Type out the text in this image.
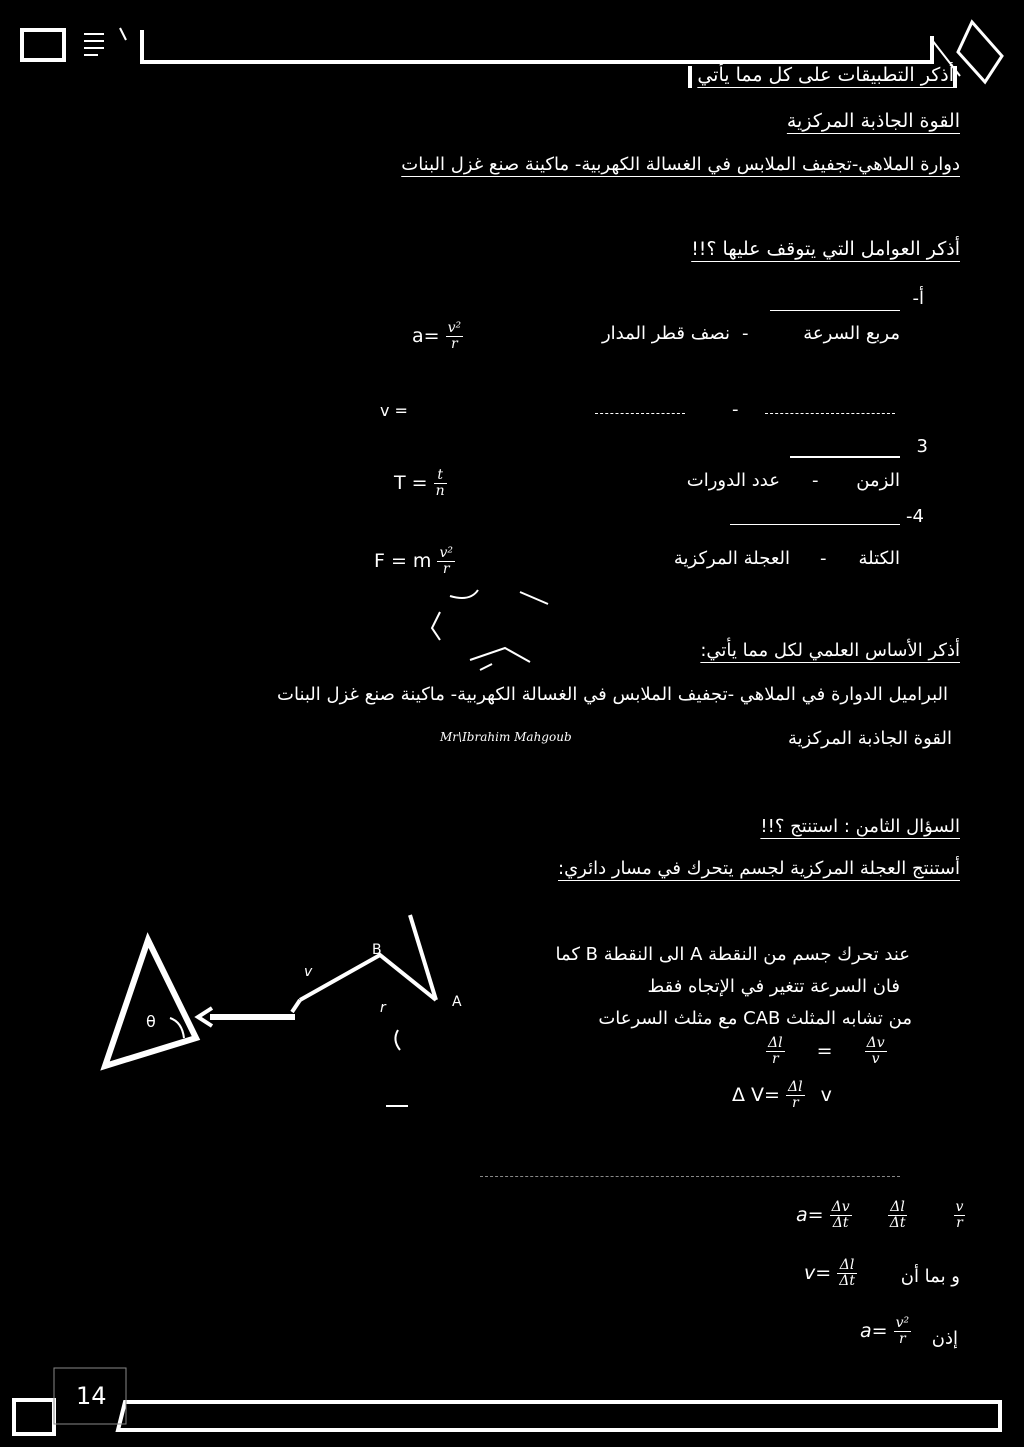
أذكر التطبيقات على كل مما يأتي
القوة الجاذبة المركزية
دوارة الملاهي-تجفيف الملابس في الغسالة الكهربية- ماكينة صنع غزل البنات
أذكر العوامل التي يتوقف عليها ؟!!
أ-
مربع السرعة
-
نصف قطر المدار
$a= \frac{\text{v²}}{r}$
v =	-
3
الزمن
-
عدد الدورات
$T = \frac{t}{n}$
4-
الكتلة
-
العجلة المركزية
F = m $\frac{\text{v²}}{r}$
أذكر الأساس العلمي لكل مما يأتي:
البراميل الدوارة في الملاهي -تجفيف الملابس في الغسالة الكهربية- ماكينة صنع غزل البنات
القوة الجاذبة المركزية
Mr\Ibrahim Mahgoub
السؤال الثامن : استنتج ؟!!
أستنتج العجلة المركزية لجسم يتحرك في مسار دائري:
عند تحرك جسم من النقطة A الى النقطة B كما
فان السرعة تتغير في الإتجاه فقط
من تشابه المثلث CAB مع مثلث السرعات
$\frac{\Delta l}{r} = \frac{\Delta v}{v}$
Δ $V= \frac{\Delta l}{r}$ v
$a= \frac{\Delta v}{\Delta t}$
	$\frac{\Delta l}{\Delta t}$
	$\frac{v}{r}$
$v= \frac{\Delta l}{\Delta t}$ و بما أن
$a= \frac{\text{v²}}{r}$ إذن
B
A
θ
v
r
14
